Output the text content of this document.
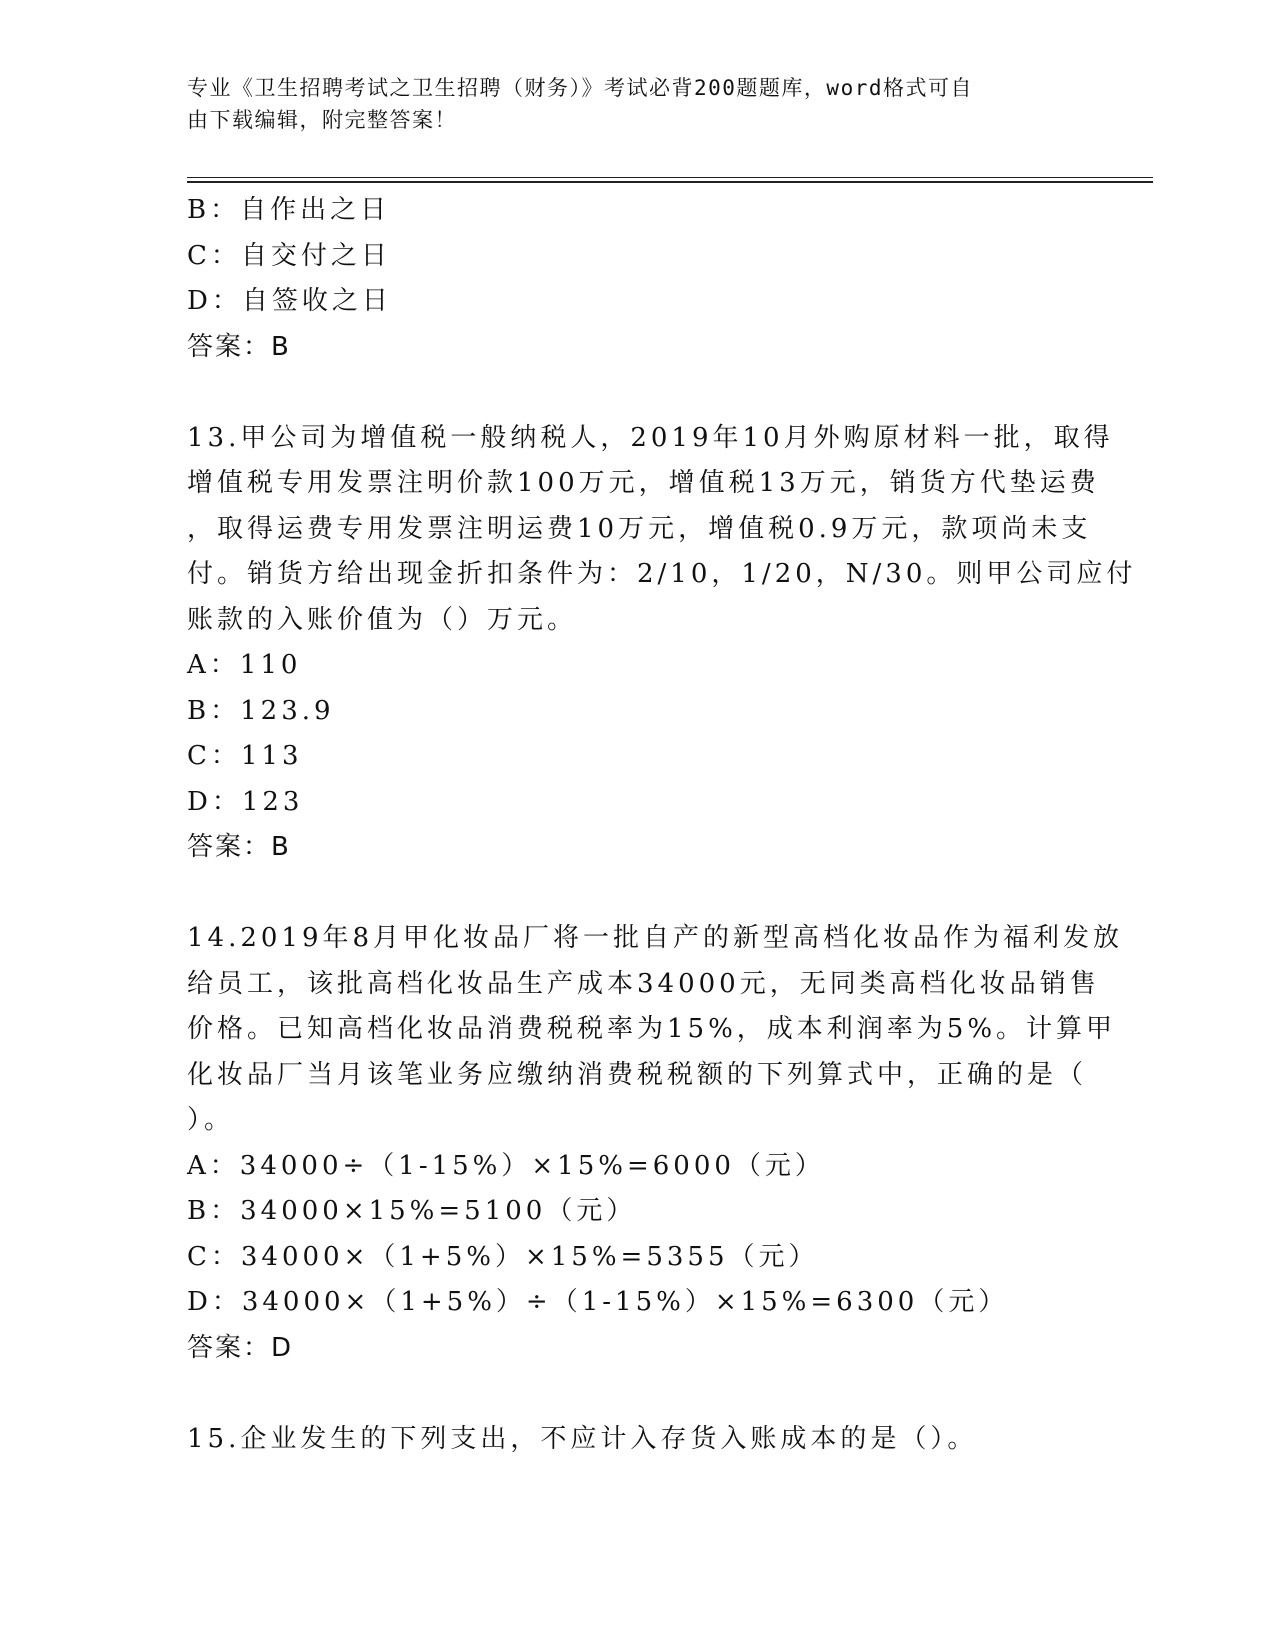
专业《卫生招聘考试之卫生招聘（财务）》考试必背200题题库，word格式可自
由下载编辑，附完整答案！
B：自作出之日
C：自交付之日
D：自签收之日
答案：B
13.甲公司为增值税一般纳税人，2019年10月外购原材料一批，取得
增值税专用发票注明价款100万元，增值税13万元，销货方代垫运费
，取得运费专用发票注明运费10万元，增值税0.9万元，款项尚未支
付。销货方给出现金折扣条件为：2/10，1/20，N/30。则甲公司应付
账款的入账价值为（）万元。
A：110
B：123.9
C：113
D：123
答案：B
14.2019年8月甲化妆品厂将一批自产的新型高档化妆品作为福利发放
给员工，该批高档化妆品生产成本34000元，无同类高档化妆品销售
价格。已知高档化妆品消费税税率为15%，成本利润率为5%。计算甲
化妆品厂当月该笔业务应缴纳消费税税额的下列算式中，正确的是（
）。
A：34000÷（1-15%）×15%=6000（元）
B：34000×15%=5100（元）
C：34000×（1+5%）×15%=5355（元）
D：34000×（1+5%）÷（1-15%）×15%=6300（元）
答案：D
15.企业发生的下列支出，不应计入存货入账成本的是（）。
